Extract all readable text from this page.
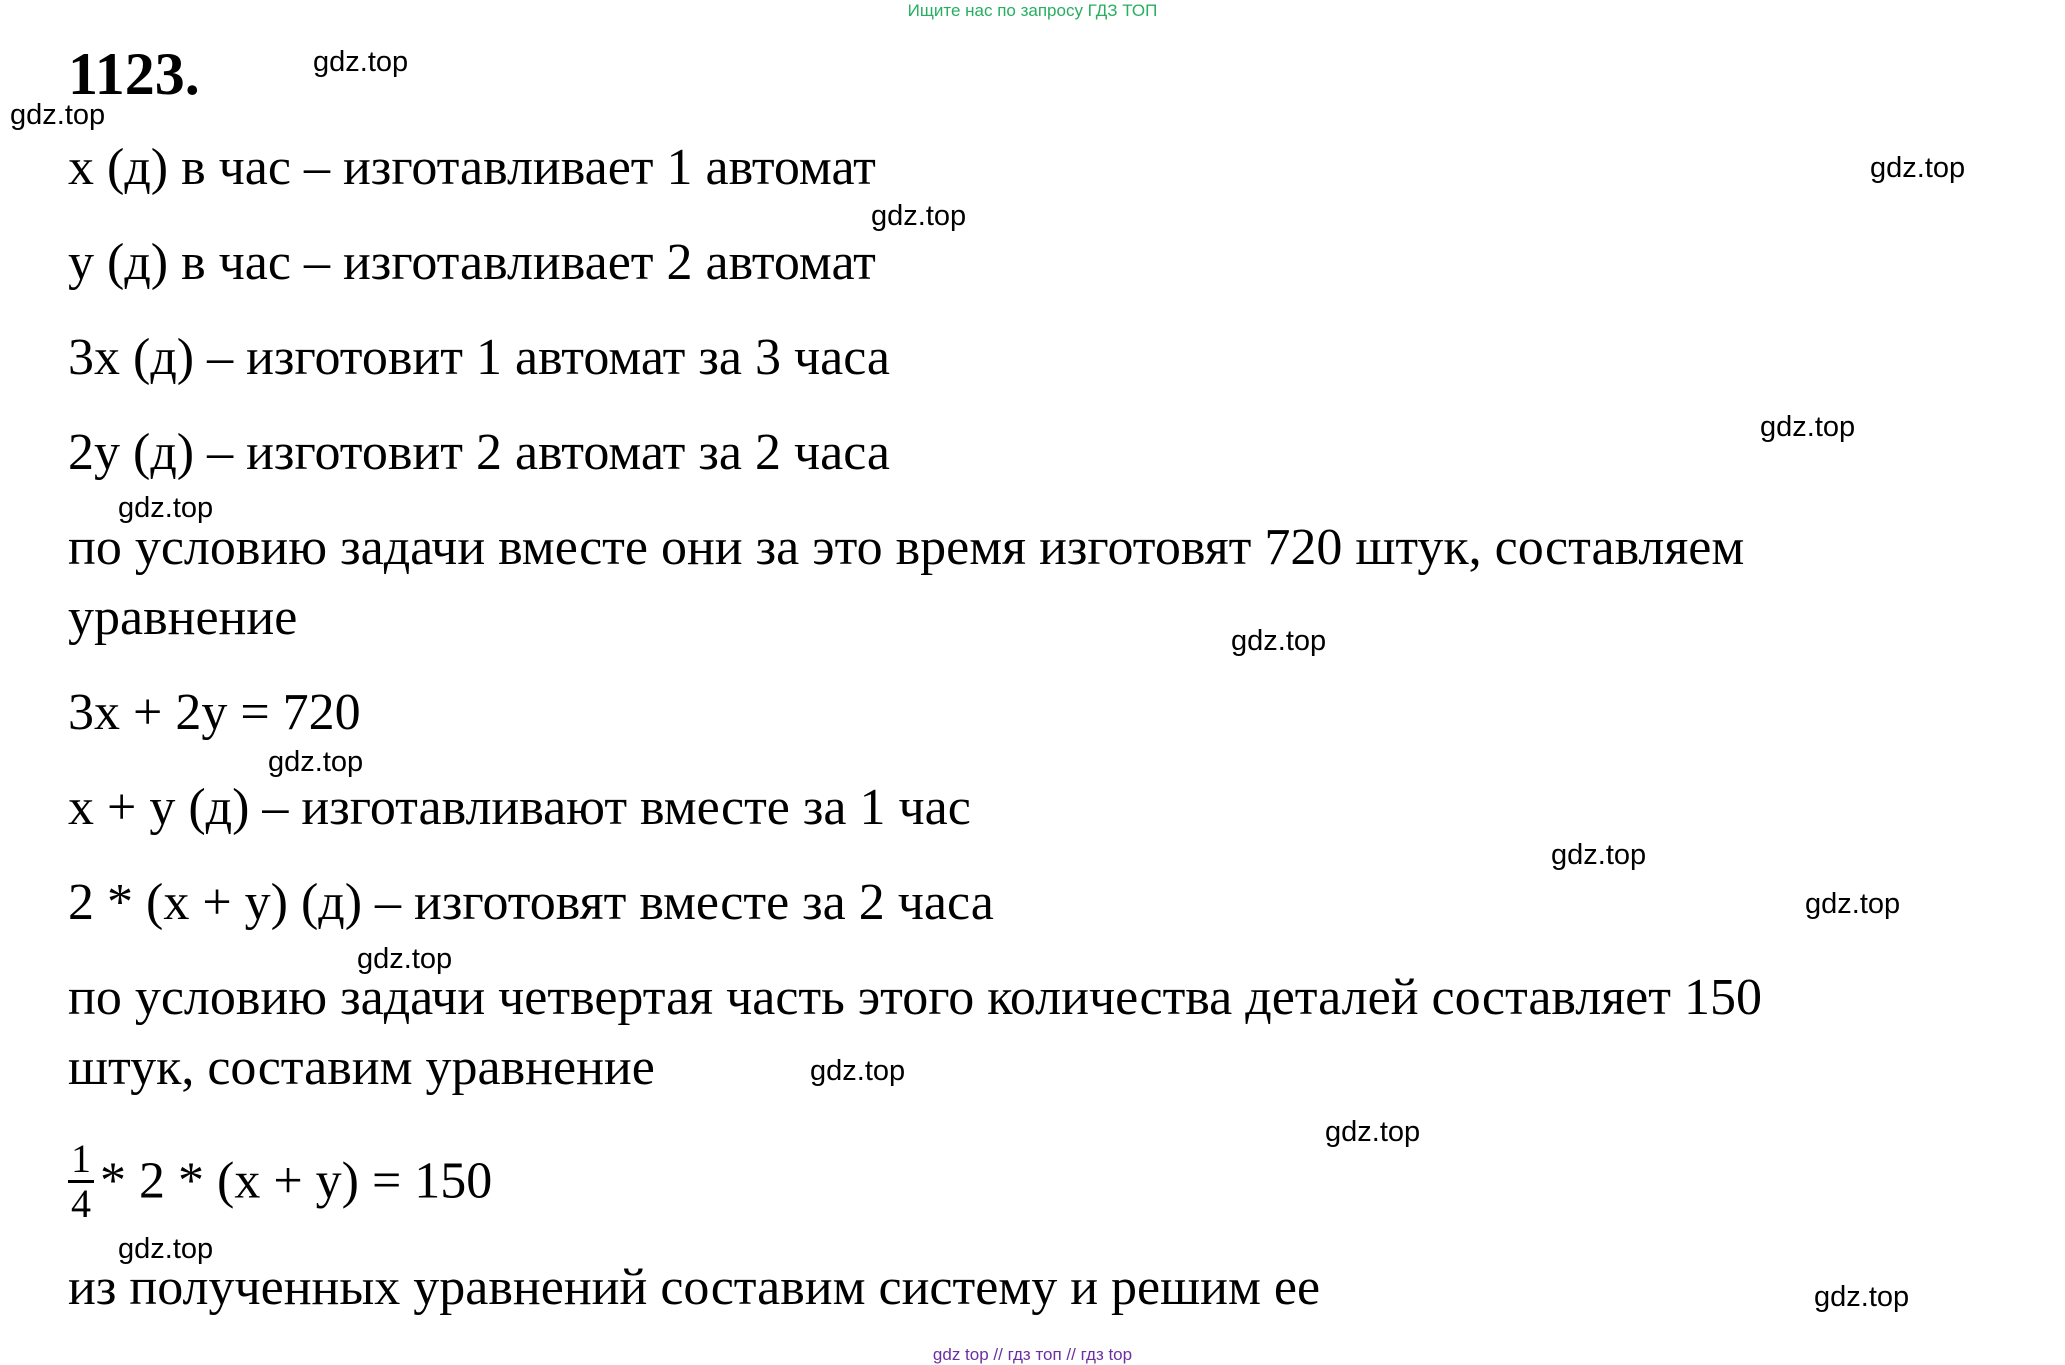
Ищите нас по запросу ГДЗ ТОП
1123.
x (д) в час – изготавливает 1 автомат
y (д) в час – изготавливает 2 автомат
3x (д) – изготовит 1 автомат за 3 часа
2y (д) – изготовит 2 автомат за 2 часа
по условию задачи вместе они за это время изготовят 720 штук, составляем
уравнение
3x + 2y = 720
x + y (д) – изготавливают вместе за 1 час
2 * (x + y) (д) – изготовят вместе за 2 часа
по условию задачи четвертая часть этого количества деталей составляет 150
штук, составим уравнение
$\frac{1}{4} * 2 * (x + y) = 150$
из полученных уравнений составим систему и решим ее
gdz.top
gdz.top
gdz.top
gdz.top
gdz.top
gdz.top
gdz.top
gdz.top
gdz.top
gdz.top
gdz.top
gdz.top
gdz.top
gdz.top
gdz.top
gdz top // гдз топ // гдз top
